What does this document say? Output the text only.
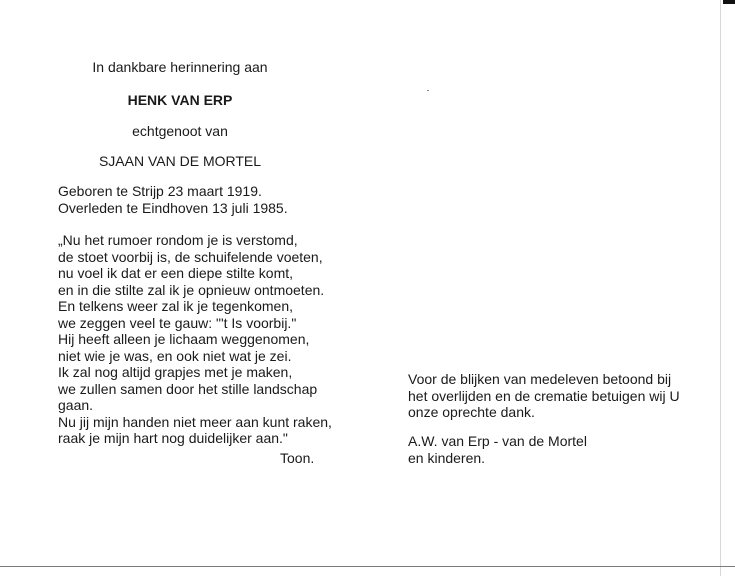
In dankbare herinnering aan
HENK VAN ERP
echtgenoot van
SJAAN VAN DE MORTEL
Geboren te Strijp 23 maart 1919.
Overleden te Eindhoven 13 juli 1985.
„Nu het rumoer rondom je is verstomd,
de stoet voorbij is, de schuifelende voeten,
nu voel ik dat er een diepe stilte komt,
en in die stilte zal ik je opnieuw ontmoeten.
En telkens weer zal ik je tegenkomen,
we zeggen veel te gauw: "'t Is voorbij."
Hij heeft alleen je lichaam weggenomen,
niet wie je was, en ook niet wat je zei.
Ik zal nog altijd grapjes met je maken,
we zullen samen door het stille landschap
gaan.
Nu jij mijn handen niet meer aan kunt raken,
raak je mijn hart nog duidelijker aan."
Toon.
Voor de blijken van medeleven betoond bij
het overlijden en de crematie betuigen wij U
onze oprechte dank.
A.W. van Erp - van de Mortel
en kinderen.
